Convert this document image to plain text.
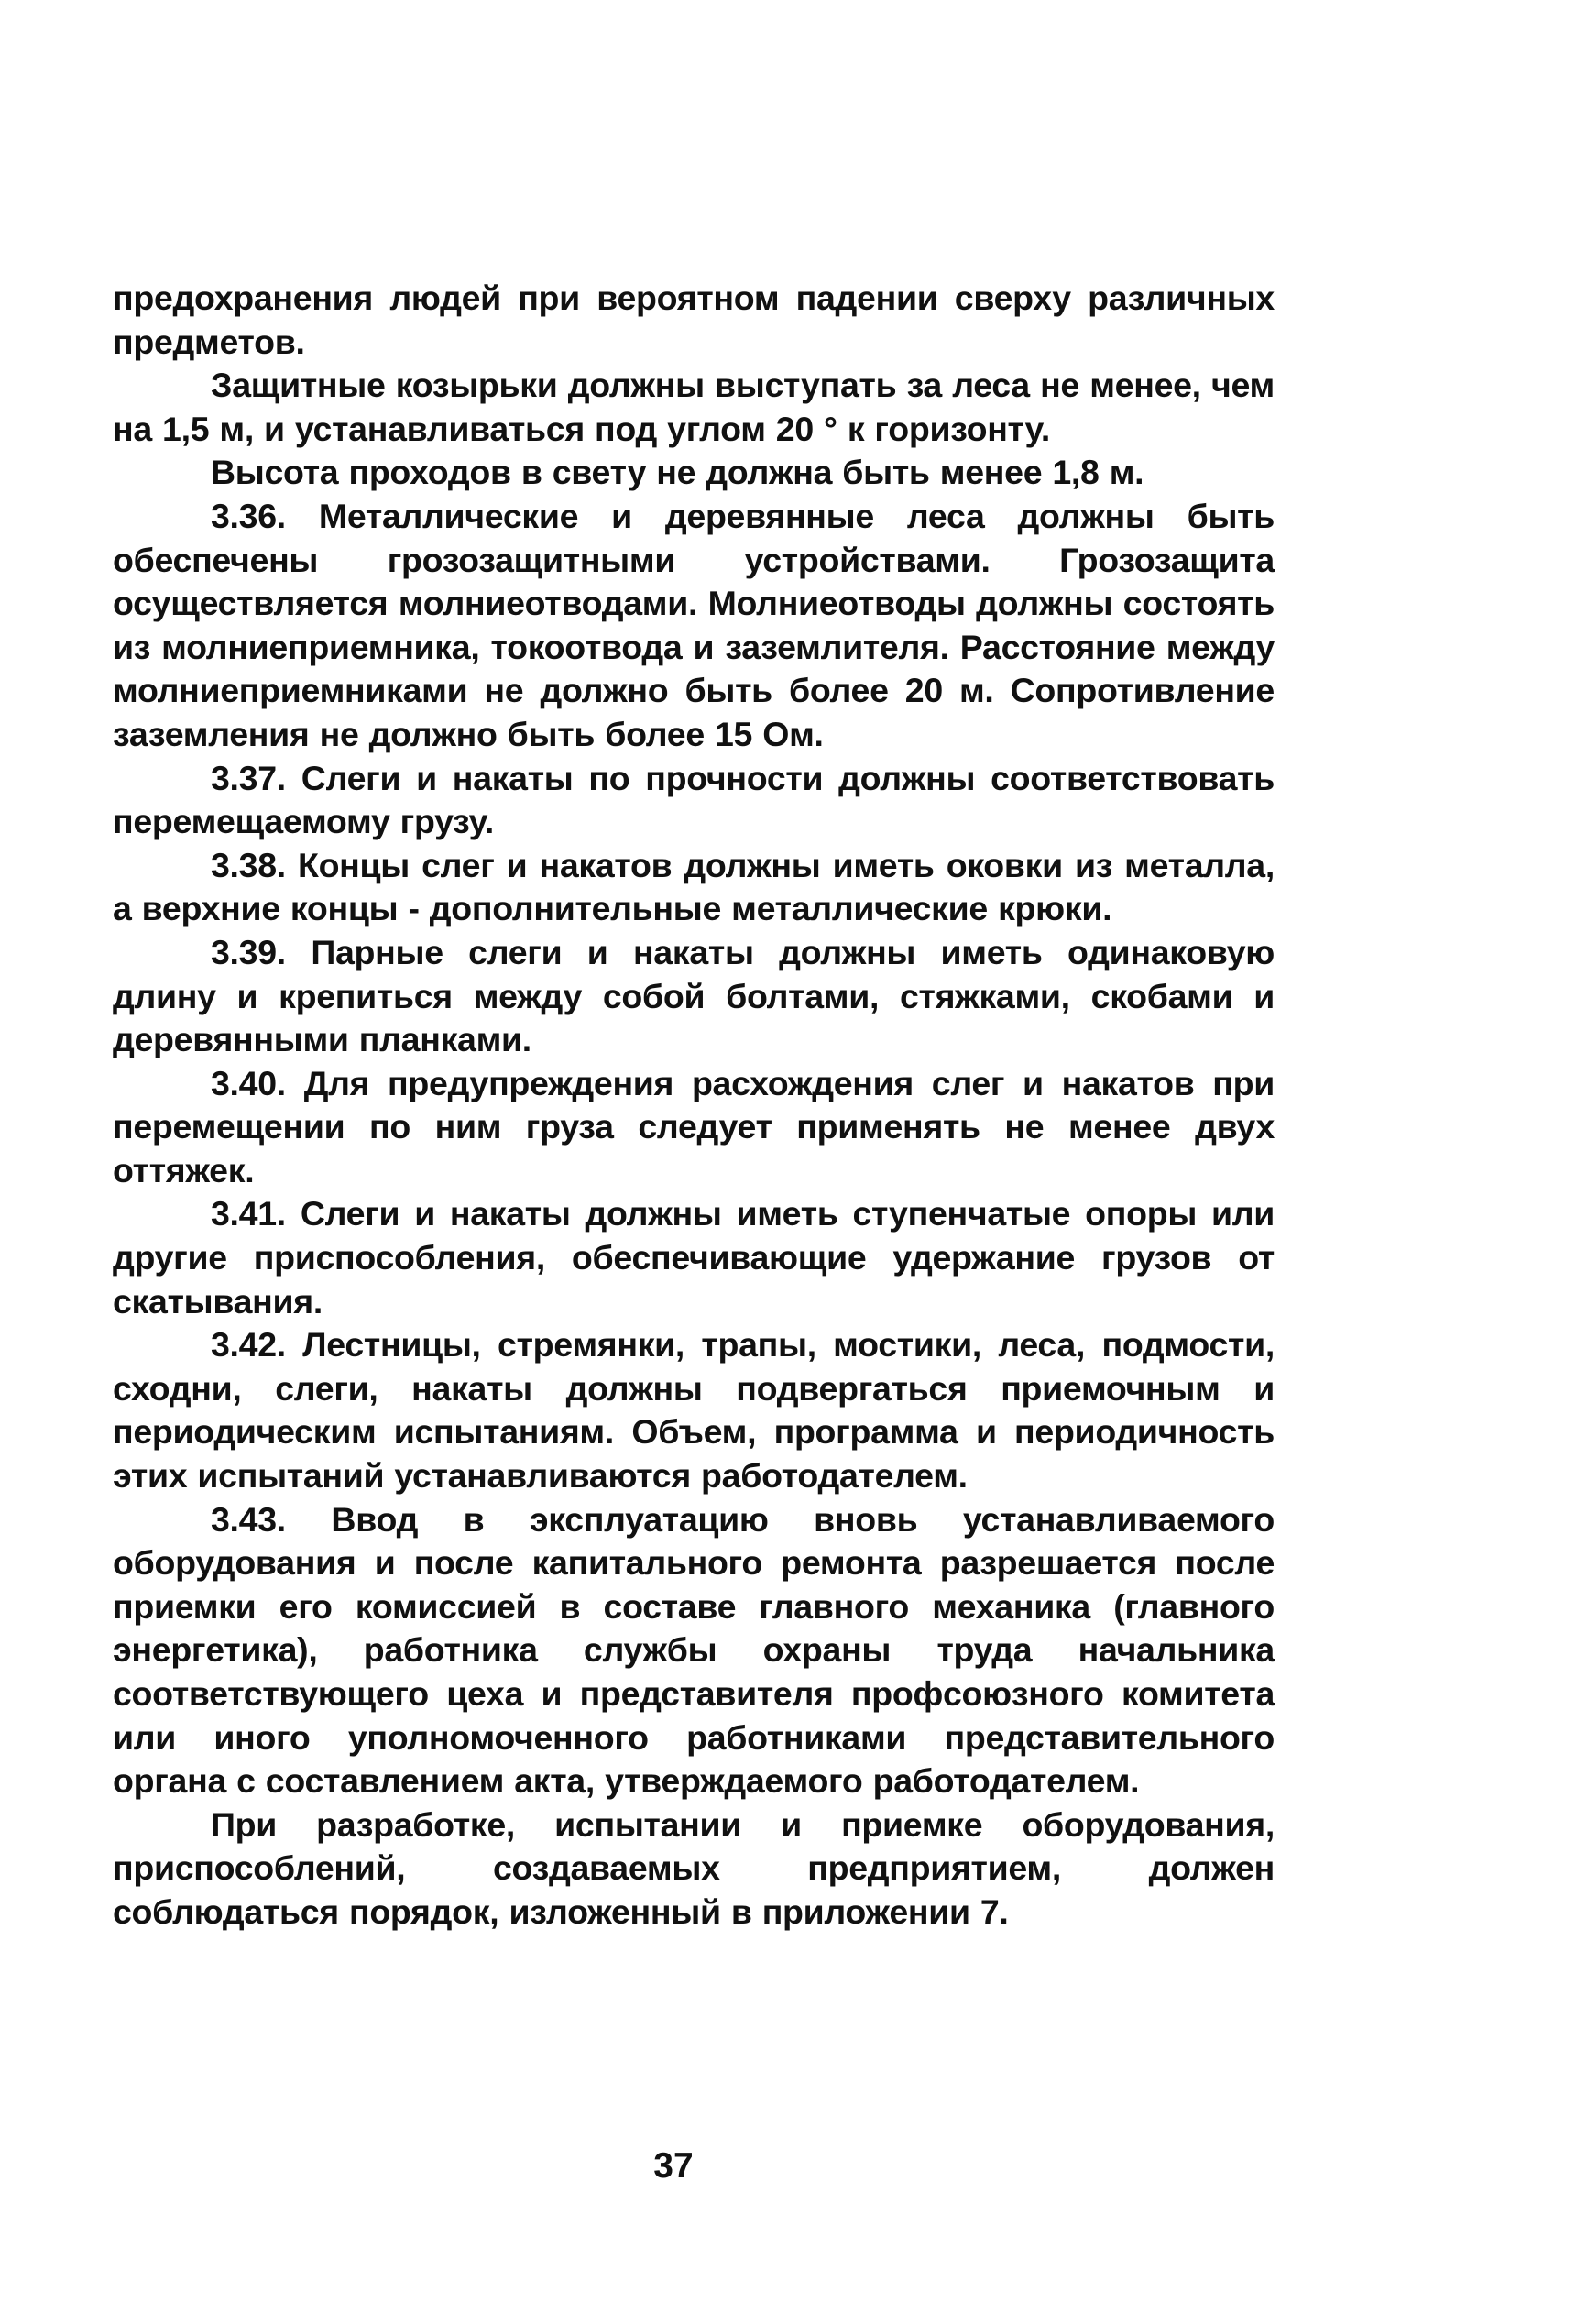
предохранения людей при вероятном падении сверху различных предметов.

Защитные козырьки должны выступать за леса не менее, чем на 1,5 м, и устанавливаться под углом 20 ° к горизонту.

Высота проходов в свету не должна быть менее 1,8 м.

3.36. Металлические и деревянные леса должны быть обеспечены грозозащитными устройствами. Грозозащита осуществляется молниеотводами. Молниеотводы должны состоять из молниеприемника, токоотвода и заземлителя. Расстояние между молниеприемниками не должно быть более 20 м. Сопротивление заземления не должно быть более 15 Ом.

3.37. Слеги и накаты по прочности должны соответствовать перемещаемому грузу.

3.38. Концы слег и накатов должны иметь оковки из металла, а верхние концы - дополнительные металлические крюки.

3.39. Парные слеги и накаты должны иметь одинаковую длину и крепиться между собой болтами, стяжками, скобами и деревянными планками.

3.40. Для предупреждения расхождения слег и накатов при перемещении по ним груза следует применять не менее двух оттяжек.

3.41. Слеги и накаты должны иметь ступенчатые опоры или другие приспособления, обеспечивающие удержание грузов от скатывания.

3.42. Лестницы, стремянки, трапы, мостики, леса, подмости, сходни, слеги, накаты должны подвергаться приемочным и периодическим испытаниям. Объем, программа и периодичность этих испытаний устанавливаются работодателем.

3.43. Ввод в эксплуатацию вновь устанавливаемого оборудования и после капитального ремонта разрешается после приемки его комиссией в составе главного механика (главного энергетика), работника службы охраны труда начальника соответствующего цеха и представителя профсоюзного комитета или иного уполномоченного работниками представительного органа с составлением акта, утверждаемого работодателем.

При разработке, испытании и приемке оборудования, приспособлений, создаваемых предприятием, должен соблюдаться порядок, изложенный в приложении 7.

37
